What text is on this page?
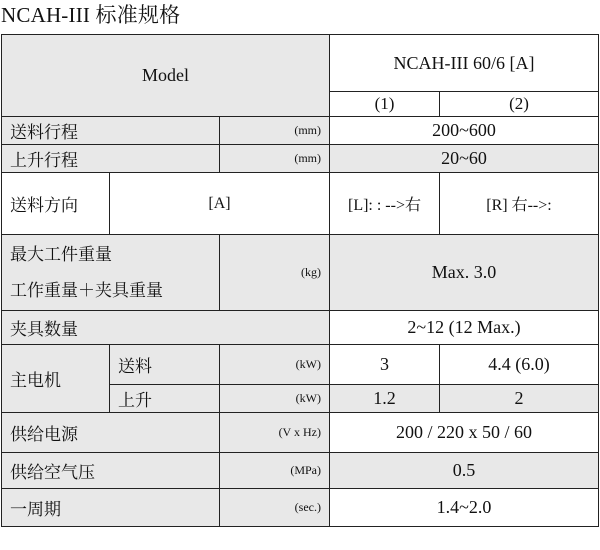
NCAH-III 标准规格
Model			NCAH-III 60/6 [A]	
			(1)	(2)
送料行程		(mm)	200~600	
上升行程		(mm)	20~60	
送料方向	[A]		[L]: : -->右	[R] 右-->:

最大工件重量
工作重量＋夹具重量		(kg)	Max. 3.0	
夹具数量			2~12 (12 Max.)	
主电机	送料	(kW)	3	4.4 (6.0)
	上升	(kW)	1.2	2
供给电源		(V x Hz)	200 / 220 x 50 / 60	
供给空气压		(MPa)	0.5	
一周期		(sec.)	1.4~2.0	
